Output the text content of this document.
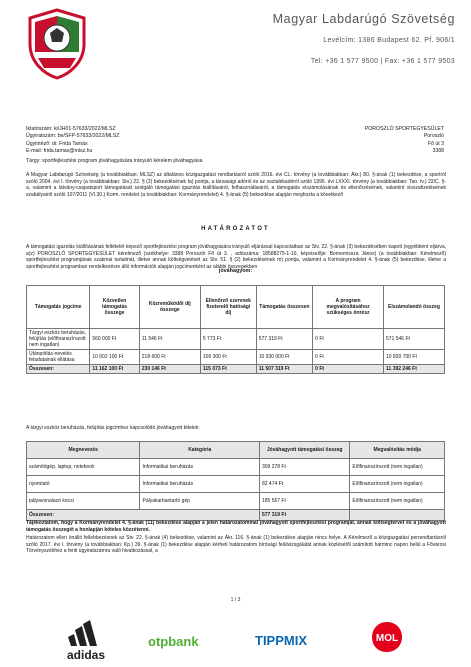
Magyar Labdarúgó Szövetség
Levélcím: 1386 Budapest 62. Pf. 906/1
Tel: +36 1 577 9500 | Fax: +36 1 577 9503
Iktatószám: ki/JH01-57633/2022/MLSZ
Ügyiratszám: be/SFP-57633/2022/MLSZ
Ügyintéző: dr. Frida Tamás
E-mail: frida.tamas@mlsz.hu
POROSZLÓ SPORTEGYESÜLET
Poroszló
Fő út 3
3388
Tárgy: sportfejlesztési program jóváhagyására irányuló kérelem jóváhagyása
A Magyar Labdarúgó Szövetség (a továbbiakban: MLSZ) az általános közigazgatási rendtartásról szóló 2016. évi CL. törvény (a továbbiakban: Ákr.) 80. §-ának (1) bekezdése, a sportról szóló 2004. évi I. törvény (a továbbiakban: Stv.) 22. § (2) bekezdésének fa) pontja, a társasági adóról és az osztalékadóról szóló 1996. évi LXXXI. törvény (a továbbiakban: Tao. tv.) 22/C. §-a, valamint a látvány-csapatsport támogatását szolgáló támogatási igazolás kiállításáról, felhasználásáról, a támogatás elszámolásának és ellenőrzésének, valamint visszafizetésének szabályairól szóló 107/2011 (VI.30.) Korm. rendelet (a továbbiakban: Kormányrendelet) 4. §-ának (5) bekezdése alapján meghozta a következő
HATÁROZATOT
A támogatási igazolás kiállításának feltételét képező sportfejlesztési program jóváhagyására irányuló eljárással kapcsolatban az Stv. 22. §-ának (3) bekezdésében kapott (egyébként eljárva, a(z) POROSZLÓ SPORTEGYESÜLET kérelmező (székhelye: 3388 Poroszló Fő út 3. , adószáma: 18588275-1-10, képviselője: Bornemissza János) (a továbbiakban: Kérelmező) sportfejlesztési programjának szakmai tartalmát, illetve annak költségvetését az Stv. 51. § (2) bekezdésének m) pontja, valamint a Kormányrendelet 4. §-ának (5) bekezdése, illetve a sportfejlesztési programban rendelkezésre álló információk alapján jogcímenként az alábbi összegekben
jóváhagyom:
Támogatás jogcíme	Közvetlen támogatás összege	Közreműködői díj összege	Ellenőrző szervnek fizetendő hatósági díj	Támogatás összesen	A program megvalósításához szükséges önrész	Elszámolandó összeg
Tárgyi eszköz beruházás, felújítás (előfinanszírozott nem ingatlan)	560 000 Ft	11 546 Ft	5 773 Ft	577 319 Ft	0 Ft	571 546 Ft
Utánpótlás-nevelés feladatainak ellátása	10 602 100 Ft	218 600 Ft	109 300 Ft	10 930 000 Ft	0 Ft	10 820 700 Ft
Összesen:	11 162 100 Ft	230 146 Ft	115 073 Ft	11 507 319 Ft	0 Ft	11 392 246 Ft
A tárgyi eszköz beruházás, felújítás jogcímhez kapcsolódó jóváhagyott tételek:
Megnevezés	Kategória	Jóváhagyott támogatási összeg	Megvalósítás módja
számítógép, laptop, notebook	Informatikai beruházás	309 278 Ft	Előfinanszírozott (nem ingatlan)
nyomtató	Informatikai beruházás	82 474 Ft	Előfinanszírozott (nem ingatlan)
pályavonalazó kocsi	Pályakarbantartó gép	185 567 Ft	Előfinanszírozott (nem ingatlan)
Összesen:		577 319 Ft	
Tájékoztatom, hogy a Kormányrendelet 4. §-ának (11) bekezdése alapján a jelen határozatommal jóváhagyott sportfejlesztési programját, annak költségtervet és a jóváhagyott támogatás összegét a honlapján köteles közzétenni.
Határozatom ellen önálló fellebbezésnek az Stv. 22. §-ának (4) bekezdése, valamint az Ákr. 116. §-ának (1) bekezdése alapján nincs helye. A Kérelmező a közigazgatási perrendtartásról szóló 2017. évi I. törvény (a továbbiakban: Kp.) 39. §-ának (1) bekezdése alapján kérheti határozatom bírósági felülvizsgálatát annak közlésétől számított harminc napon belül a Fővárosi Törvényszékhez a fenti ügyiratszámra való hivatkozással, a
1 / 3
adidas
otpbank	TIPPMIX	MOL
